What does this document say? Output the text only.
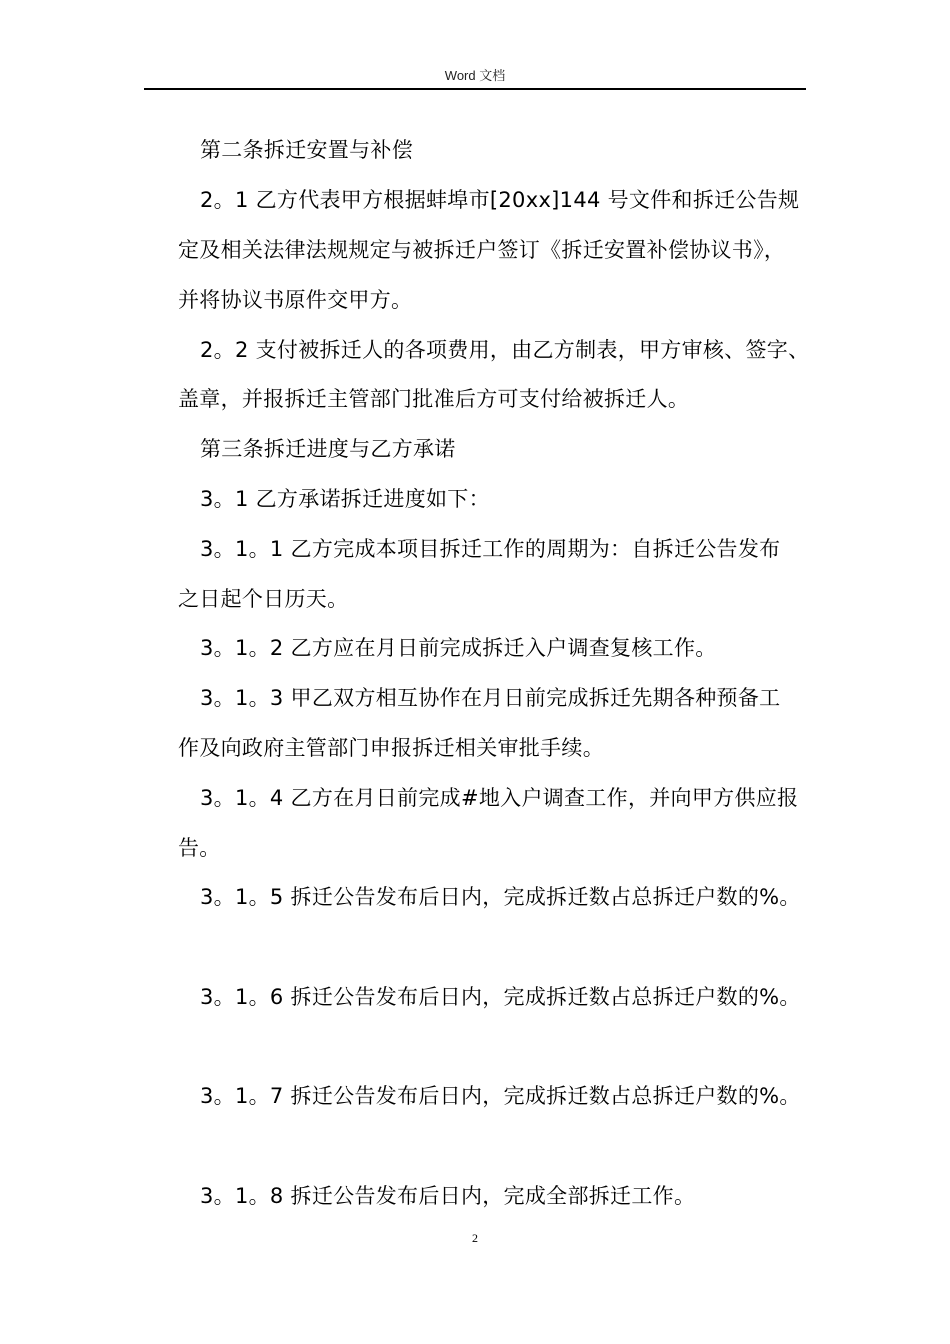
Word 文档
第二条拆迁安置与补偿
2。1 乙方代表甲方根据蚌埠市[20xx]144 号文件和拆迁公告规
定及相关法律法规规定与被拆迁户签订《拆迁安置补偿协议书》，
并将协议书原件交甲方。
2。2 支付被拆迁人的各项费用，由乙方制表，甲方审核、签字、
盖章，并报拆迁主管部门批准后方可支付给被拆迁人。
第三条拆迁进度与乙方承诺
3。1 乙方承诺拆迁进度如下：
3。1。1 乙方完成本项目拆迁工作的周期为：自拆迁公告发布
之日起个日历天。
3。1。2 乙方应在月日前完成拆迁入户调查复核工作。
3。1。3 甲乙双方相互协作在月日前完成拆迁先期各种预备工
作及向政府主管部门申报拆迁相关审批手续。
3。1。4 乙方在月日前完成#地入户调查工作，并向甲方供应报
告。
3。1。5 拆迁公告发布后日内，完成拆迁数占总拆迁户数的%。
3。1。6 拆迁公告发布后日内，完成拆迁数占总拆迁户数的%。
3。1。7 拆迁公告发布后日内，完成拆迁数占总拆迁户数的%。
3。1。8 拆迁公告发布后日内，完成全部拆迁工作。
2
